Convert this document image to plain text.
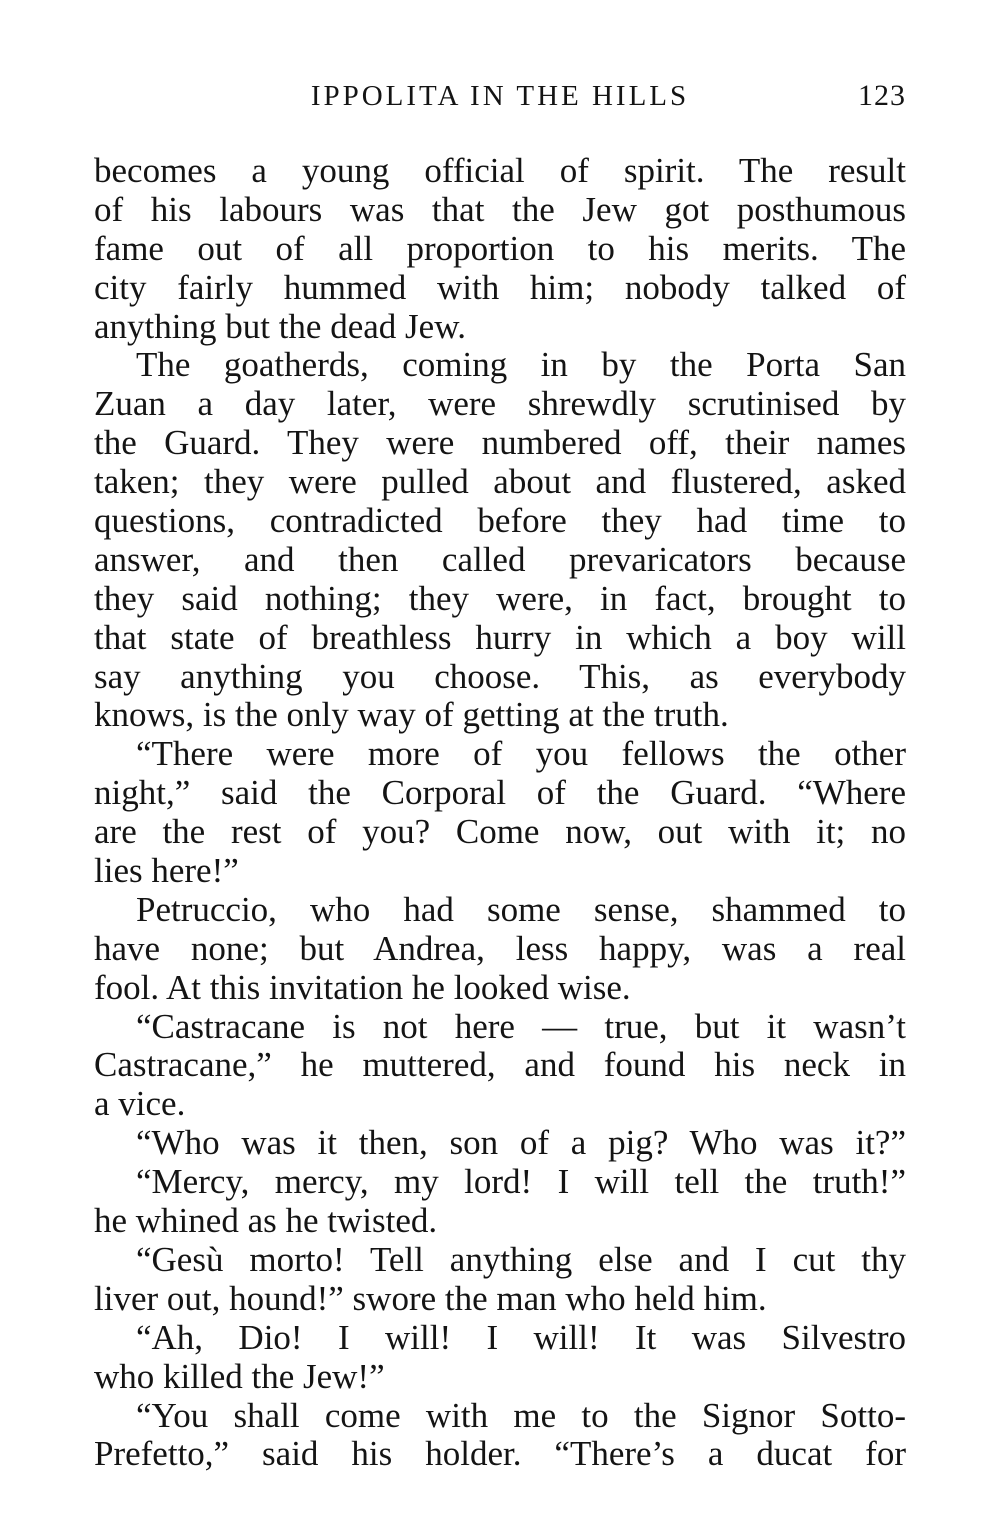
IPPOLITA IN THE HILLS	123
becomes a young official of spirit. The result
of his labours was that the Jew got posthumous
fame out of all proportion to his merits. The
city fairly hummed with him; nobody talked of
anything but the dead Jew.
The goatherds, coming in by the Porta San
Zuan a day later, were shrewdly scrutinised by
the Guard. They were numbered off, their names
taken; they were pulled about and flustered, asked
questions, contradicted before they had time to
answer, and then called prevaricators because
they said nothing; they were, in fact, brought to
that state of breathless hurry in which a boy will
say anything you choose. This, as everybody
knows, is the only way of getting at the truth.
“There were more of you fellows the other
night,” said the Corporal of the Guard. “Where
are the rest of you? Come now, out with it; no
lies here!”
Petruccio, who had some sense, shammed to
have none; but Andrea, less happy, was a real
fool. At this invitation he looked wise.
“Castracane is not here — true, but it wasn’t
Castracane,” he muttered, and found his neck in
a vice.
“Who was it then, son of a pig? Who was it?”
“Mercy, mercy, my lord! I will tell the truth!”
he whined as he twisted.
“Gesù morto! Tell anything else and I cut thy
liver out, hound!” swore the man who held him.
“Ah, Dio! I will! I will! It was Silvestro
who killed the Jew!”
“You shall come with me to the Signor Sotto-
Prefetto,” said his holder. “There’s a ducat for
